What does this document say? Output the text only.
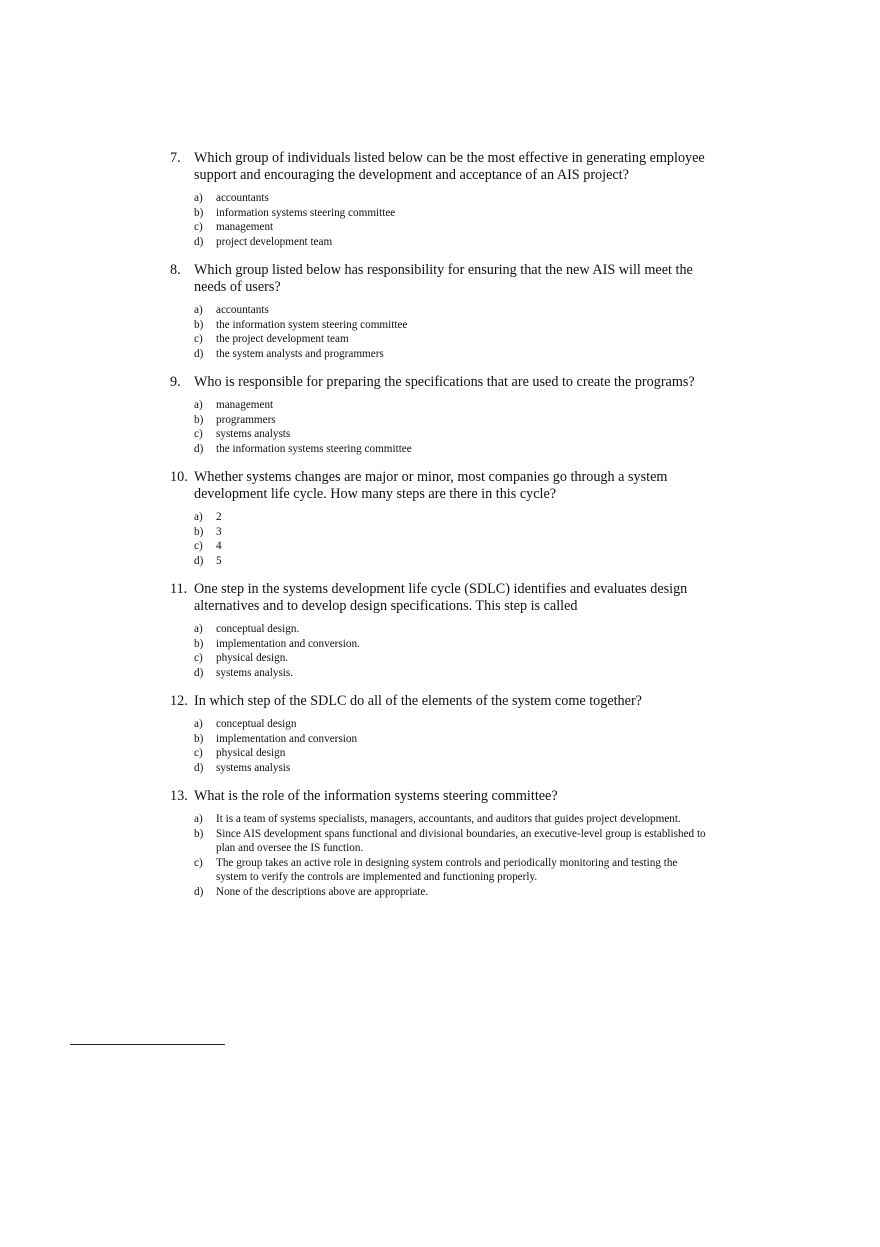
7. Which group of individuals listed below can be the most effective in generating employee support and encouraging the development and acceptance of an AIS project?
a)	accountants
b)	information systems steering committee
c)	management
d)	project development team
8. Which group listed below has responsibility for ensuring that the new AIS will meet the needs of users?
a)	accountants
b)	the information system steering committee
c)	the project development team
d)	the system analysts and programmers
9. Who is responsible for preparing the specifications that are used to create the programs?
a)	management
b)	programmers
c)	systems analysts
d)	the information systems steering committee
10. Whether systems changes are major or minor, most companies go through a system development life cycle. How many steps are there in this cycle?
a)	2
b)	3
c)	4
d)	5
11. One step in the systems development life cycle (SDLC) identifies and evaluates design alternatives and to develop design specifications. This step is called
a)	conceptual design.
b)	implementation and conversion.
c)	physical design.
d)	systems analysis.
12. In which step of the SDLC do all of the elements of the system come together?
a)	conceptual design
b)	implementation and conversion
c)	physical design
d)	systems analysis
13. What is the role of the information systems steering committee?
a)	It is a team of systems specialists, managers, accountants, and auditors that guides project development.
b)	Since AIS development spans functional and divisional boundaries, an executive-level group is established to plan and oversee the IS function.
c)	The group takes an active role in designing system controls and periodically monitoring and testing the system to verify the controls are implemented and functioning properly.
d)	None of the descriptions above are appropriate.
